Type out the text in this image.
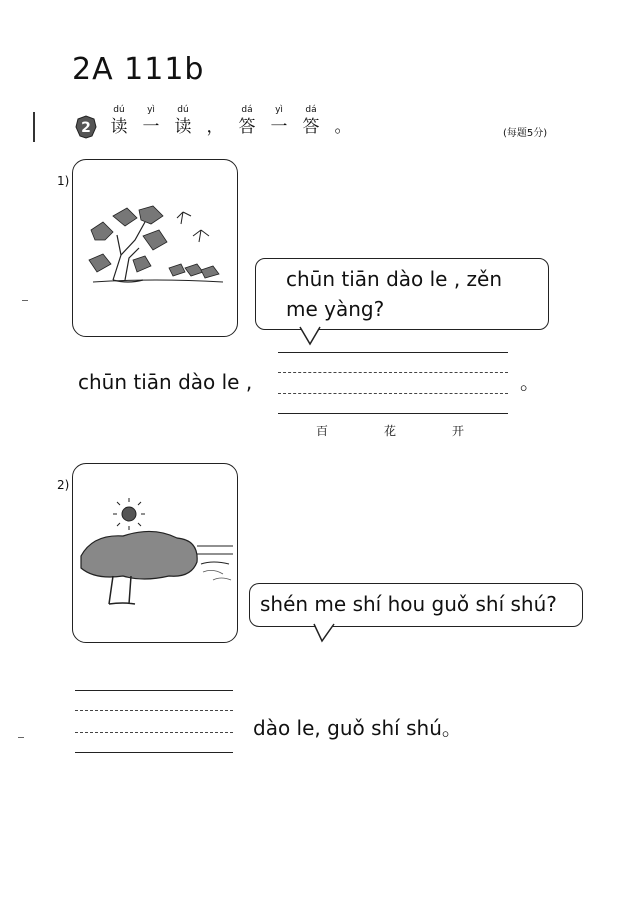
2A 111b
2
dú
读
yì
一
dú
读 ，
dá
答
yì
一
dá
答 。	(每题5分)
1)
chūn tiān dào le , zěn
me yàng?
chūn tiān dào le ,	。
百	花	开
2)
shén me shí hou guǒ shí shú?
dào le, guǒ shí shú。
